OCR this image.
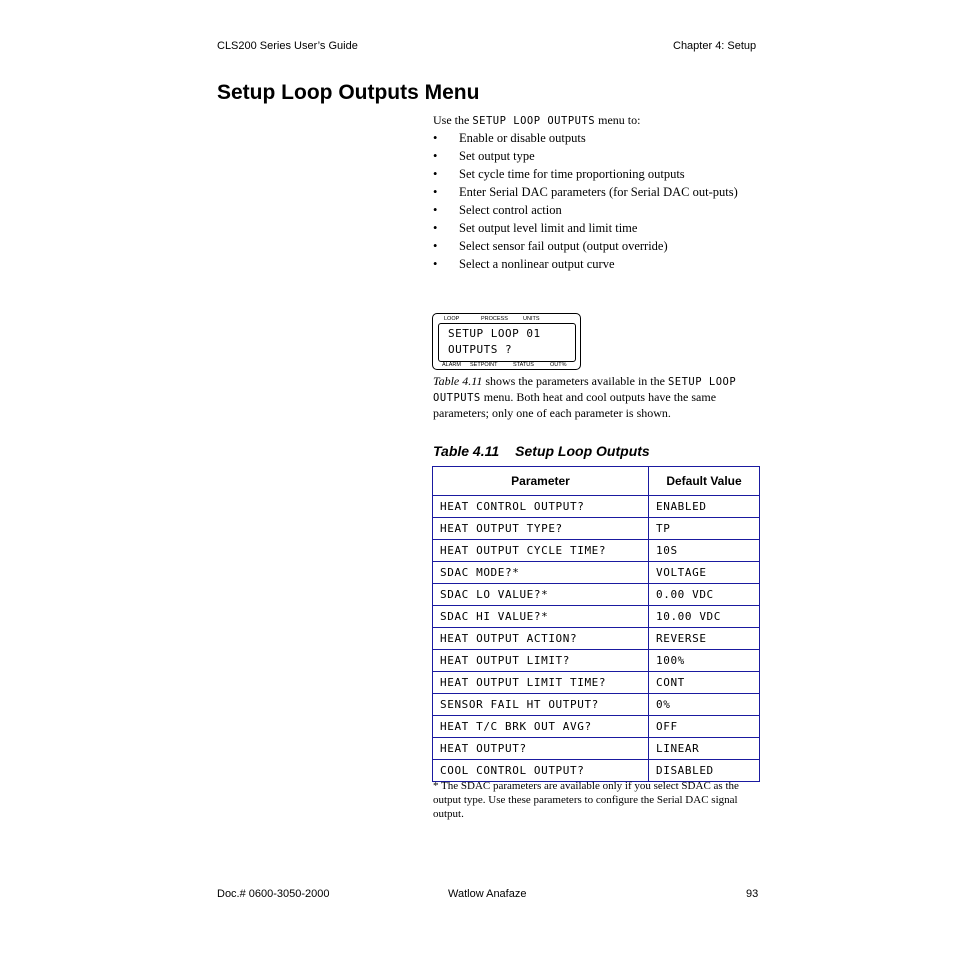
CLS200 Series User’s Guide	Chapter 4: Setup
Setup Loop Outputs Menu
Use the SETUP LOOP OUTPUTS menu to:
• Enable or disable outputs
• Set output type
• Set cycle time for time proportioning outputs
• Enter Serial DAC parameters (for Serial DAC out-puts)
• Select control action
• Set output level limit and limit time
• Select sensor fail output (output override)
• Select a nonlinear output curve
LOOP	PROCESS	UNITS
SETUP LOOP 01
OUTPUTS ?
ALARM SETPOINT	STATUS	OUT%
Table 4.11 shows the parameters available in the SETUP LOOP OUTPUTS menu. Both heat and cool outputs have the same parameters; only one of each parameter is shown.
Table 4.11 Setup Loop Outputs
Parameter	Default Value
HEAT CONTROL OUTPUT?	ENABLED
HEAT OUTPUT TYPE?	TP
HEAT OUTPUT CYCLE TIME?	10S
SDAC MODE?*	VOLTAGE
SDAC LO VALUE?*	0.00 VDC
SDAC HI VALUE?*	10.00 VDC
HEAT OUTPUT ACTION?	REVERSE
HEAT OUTPUT LIMIT?	100%
HEAT OUTPUT LIMIT TIME?	CONT
SENSOR FAIL HT OUTPUT?	0%
HEAT T/C BRK OUT AVG?	OFF
HEAT OUTPUT?	LINEAR
COOL CONTROL OUTPUT?	DISABLED
* The SDAC parameters are available only if you select SDAC as the output type. Use these parameters to configure the Serial DAC signal output.
Doc.# 0600-3050-2000	Watlow Anafaze	93
